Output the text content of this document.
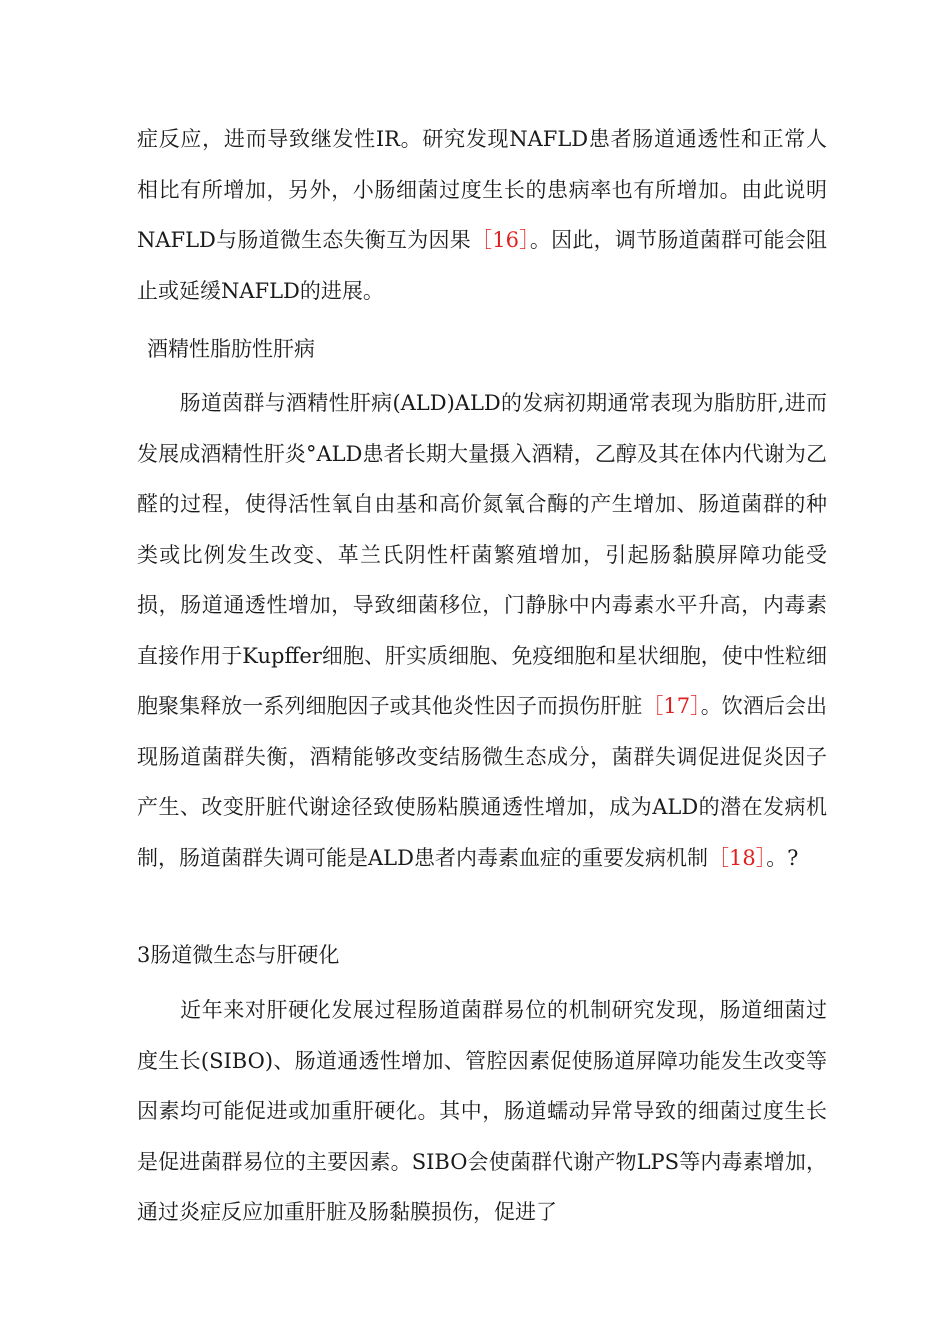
症反应，进而导致继发性IR。研究发现NAFLD患者肠道通透性和正常人相比有所增加，另外，小肠细菌过度生长的患病率也有所增加。由此说明NAFLD与肠道微生态失衡互为因果［16］。因此，调节肠道菌群可能会阻止或延缓NAFLD的进展。

酒精性脂肪性肝病

　　肠道茵群与酒精性肝病(ALD)ALD的发病初期通常表现为脂肪肝,进而发展成酒精性肝炎°ALD患者长期大量摄入酒精，乙醇及其在体内代谢为乙醛的过程，使得活性氧自由基和高价氮氧合酶的产生增加、肠道菌群的种类或比例发生改变、革兰氏阴性杆菌繁殖增加，引起肠黏膜屏障功能受损，肠道通透性增加，导致细菌移位，门静脉中内毒素水平升高，内毒素直接作用于Kupffer细胞、肝实质细胞、免疫细胞和星状细胞，使中性粒细胞聚集释放一系列细胞因子或其他炎性因子而损伤肝脏［17］。饮酒后会出现肠道菌群失衡，酒精能够改变结肠微生态成分，菌群失调促进促炎因子产生、改变肝脏代谢途径致使肠粘膜通透性增加，成为ALD的潜在发病机制，肠道菌群失调可能是ALD患者内毒素血症的重要发病机制［18］。?

3肠道微生态与肝硬化

　　近年来对肝硬化发展过程肠道菌群易位的机制研究发现，肠道细菌过度生长(SIBO)、肠道通透性增加、管腔因素促使肠道屏障功能发生改变等因素均可能促进或加重肝硬化。其中，肠道蠕动异常导致的细菌过度生长是促进菌群易位的主要因素。SIBO会使菌群代谢产物LPS等内毒素增加，通过炎症反应加重肝脏及肠黏膜损伤，促进了
